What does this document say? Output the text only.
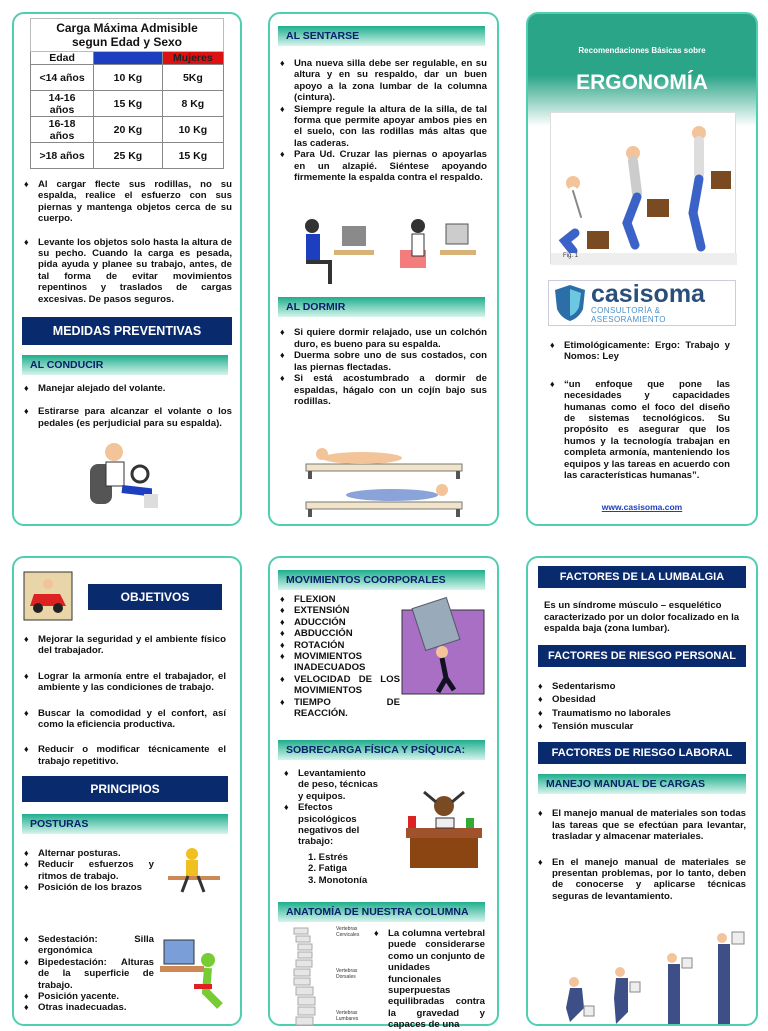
Carga Máxima Admisible segun Edad y Sexo		
Edad	Hombres	Mujeres
<14 años	10 Kg	5Kg
14-16 años	15 Kg	8 Kg
16-18 años	20 Kg	10 Kg
>18 años	25 Kg	15 Kg
♦ Al cargar flecte sus rodillas, no su espalda, realice el esfuerzo con sus piernas y mantenga objetos cerca de su cuerpo.
♦ Levante los objetos solo hasta la altura de su pecho. Cuando la carga es pesada, pida ayuda y planee su trabajo, antes, de tal forma de evitar movimientos repentinos y traslados de cargas excesivas. De pasos seguros.
MEDIDAS PREVENTIVAS
AL CONDUCIR
♦ Manejar alejado del volante.
♦ Estirarse para alcanzar el volante o los pedales (es perjudicial para su espalda).
AL SENTARSE
♦ Una nueva silla debe ser regulable, en su altura y en su respaldo, dar un buen apoyo a la zona lumbar de la columna (cintura).
♦ Siempre regule la altura de la silla, de tal forma que permite apoyar ambos pies en el suelo, con las rodillas más altas que las caderas.
♦ Para Ud. Cruzar las piernas o apoyarlas en un alzapié. Siéntese apoyando firmemente la espalda contra el respaldo.
AL DORMIR
♦ Si quiere dormir relajado, use un colchón duro, es bueno para su espalda.
♦ Duerma sobre uno de sus costados, con las piernas flectadas.
♦ Si está acostumbrado a dormir de espaldas, hágalo con un cojín bajo sus rodillas.
Recomendaciones Básicas sobre
ERGONOMÍA
Fig. 1
casisoma
CONSULTORÍA & ASESORAMIENTO
♦ Etimológicamente: Ergo: Trabajo y Nomos: Ley
♦ “un enfoque que pone las necesidades y capacidades humanas como el foco del diseño de sistemas tecnológicos. Su propósito es asegurar que los humos y la tecnología trabajan en completa armonía, manteniendo los equipos y las tareas en acuerdo con las características humanas”.
www.casisoma.com
OBJETIVOS
♦ Mejorar la seguridad y el ambiente físico del trabajador.
♦ Lograr la armonía entre el trabajador, el ambiente y las condiciones de trabajo.
♦ Buscar la comodidad y el confort, así como la eficiencia productiva.
♦ Reducir o modificar técnicamente el trabajo repetitivo.
PRINCIPIOS
POSTURAS
♦ Alternar posturas.
♦ Reducir esfuerzos y ritmos de trabajo.
♦ Posición de los brazos
♦ Sedestación: Silla ergonómica
♦ Bipedestación: Alturas de la superficie de trabajo.
♦ Posición yacente.
♦ Otras inadecuadas.
MOVIMIENTOS COORPORALES
♦ FLEXION
♦ EXTENSIÓN
♦ ADUCCIÓN
♦ ABDUCCIÓN
♦ ROTACIÓN
♦ MOVIMIENTOS INADECUADOS
♦ VELOCIDAD DE LOS MOVIMIENTOS
♦ TIEMPO DE REACCIÓN.
SOBRECARGA FÍSICA Y PSÍQUICA:
♦ Levantamiento de peso, técnicas y equipos.
♦ Efectos psicológicos negativos del trabajo:
1. Estrés
2. Fatiga
3. Monotonía
ANATOMÍA DE NUESTRA COLUMNA
Vertebras Cervicales
Vertebras Dorsales
Vertebras Lumbares
♦ La columna vertebral puede considerarse como un conjunto de unidades funcionales superpuestas equilibradas contra la gravedad y capaces de una
FACTORES DE LA LUMBALGIA
Es un síndrome músculo – esquelético caracterizado por un dolor focalizado en la espalda baja (zona lumbar).
FACTORES DE RIESGO PERSONAL
♦ Sedentarismo
♦ Obesidad
♦ Traumatismo no laborales
♦ Tensión muscular
FACTORES DE RIESGO LABORAL
MANEJO MANUAL DE CARGAS
♦ El manejo manual de materiales son todas las tareas que se efectúan para levantar, trasladar y almacenar materiales.
♦ En el manejo manual de materiales se presentan problemas, por lo tanto, deben de conocerse y aplicarse técnicas seguras de levantamiento.
